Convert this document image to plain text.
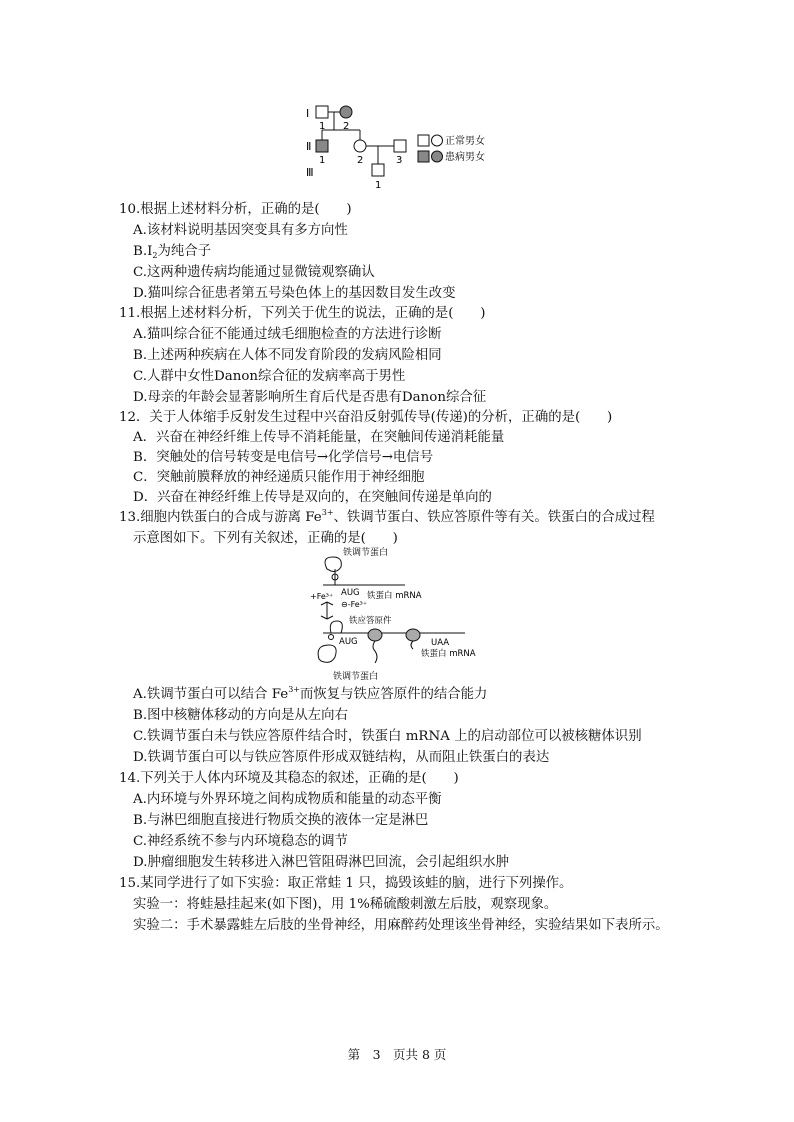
Ⅰ
Ⅱ
Ⅲ
1 2
1	2	3
1
正常男女
患病男女
10.根据上述材料分析，正确的是(　　)
A.该材料说明基因突变具有多方向性
$B.Ⅰ_2$为纯合子
C.这两种遗传病均能通过显微镜观察确认
D.猫叫综合征患者第五号染色体上的基因数目发生改变
11.根据上述材料分析，下列关于优生的说法，正确的是(　　)
A.猫叫综合征不能通过绒毛细胞检查的方法进行诊断
B.上述两种疾病在人体不同发育阶段的发病风险相同
C.人群中女性Danon综合征的发病率高于男性
D.母亲的年龄会显著影响所生育后代是否患有Danon综合征
12．关于人体缩手反射发生过程中兴奋沿反射弧传导(传递)的分析，正确的是(　　)
A．兴奋在神经纤维上传导不消耗能量，在突触间传递消耗能量
B．突触处的信号转变是电信号→化学信号→电信号
C．突触前膜释放的神经递质只能作用于神经细胞
D．兴奋在神经纤维上传导是双向的，在突触间传递是单向的
13.细胞内铁蛋白的合成与游离 $Fe^{3+}$、铁调节蛋白、铁应答原件等有关。铁蛋白的合成过程
示意图如下。下列有关叙述，正确的是(　　)
铁调节蛋白
AUG 铁蛋白 mRNA
+Fe³⁺
⊖-Fe³⁺
铁应答原件
AUG	UAA
铁蛋白 mRNA
铁调节蛋白
A.铁调节蛋白可以结合 $Fe^{3+}$而恢复与铁应答原件的结合能力
B.图中核糖体移动的方向是从左向右
C.铁调节蛋白未与铁应答原件结合时，铁蛋白 mRNA 上的启动部位可以被核糖体识别
D.铁调节蛋白可以与铁应答原件形成双链结构，从而阻止铁蛋白的表达
14.下列关于人体内环境及其稳态的叙述，正确的是(　　)
A.内环境与外界环境之间构成物质和能量的动态平衡
B.与淋巴细胞直接进行物质交换的液体一定是淋巴
C.神经系统不参与内环境稳态的调节
D.肿瘤细胞发生转移进入淋巴管阻碍淋巴回流，会引起组织水肿
15.某同学进行了如下实验：取正常蛙 1 只，捣毁该蛙的脑，进行下列操作。
实验一：将蛙悬挂起来(如下图)，用 1%稀硫酸刺激左后肢，观察现象。
实验二：手术暴露蛙左后肢的坐骨神经，用麻醉药处理该坐骨神经，实验结果如下表所示。
第　3　页共 8 页
